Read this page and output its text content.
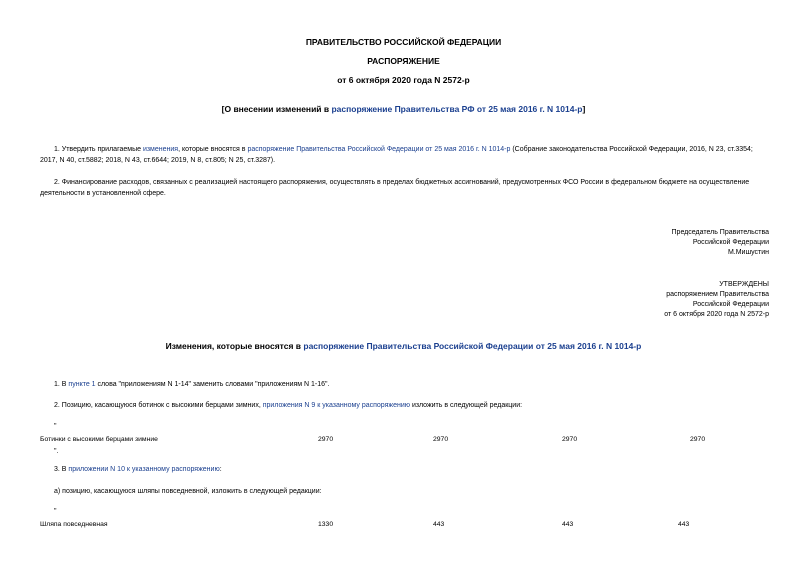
ПРАВИТЕЛЬСТВО РОССИЙСКОЙ ФЕДЕРАЦИИ
РАСПОРЯЖЕНИЕ
от 6 октября 2020 года N 2572-р
[О внесении изменений в распоряжение Правительства РФ от 25 мая 2016 г. N 1014-р]
1. Утвердить прилагаемые изменения, которые вносятся в распоряжение Правительства Российской Федерации от 25 мая 2016 г. N 1014-р (Собрание законодательства Российской Федерации, 2016, N 23, ст.3354; 2017, N 40, ст.5882; 2018, N 43, ст.6644; 2019, N 8, ст.805; N 25, ст.3287).
2. Финансирование расходов, связанных с реализацией настоящего распоряжения, осуществлять в пределах бюджетных ассигнований, предусмотренных ФСО России в федеральном бюджете на осуществление деятельности в установленной сфере.
Председатель Правительства
Российской Федерации
М.Мишустин
УТВЕРЖДЕНЫ
распоряжением Правительства
Российской Федерации
от 6 октября 2020 года N 2572-р
Изменения, которые вносятся в распоряжение Правительства Российской Федерации от 25 мая 2016 г. N 1014-р
1. В пункте 1 слова "приложениям N 1-14" заменить словами "приложениям N 1-16".
2. Позицию, касающуюся ботинок с высокими берцами зимних, приложения N 9 к указанному распоряжению изложить в следующей редакции:
"
Ботинки с высокими берцами зимние	2970	2970	2970	2970
".
3. В приложении N 10 к указанному распоряжению:
а) позицию, касающуюся шляпы повседневной, изложить в следующей редакции:
"
Шляпа повседневная	1330	443	443	443
